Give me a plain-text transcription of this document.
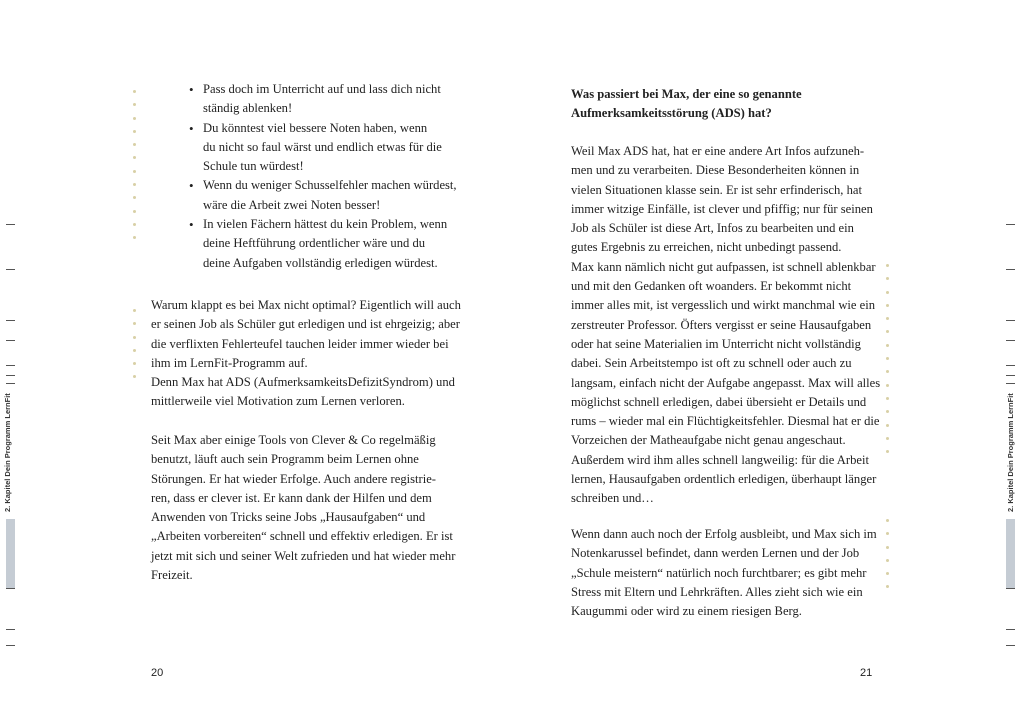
• Pass doch im Unterricht auf und lass dich nicht

ständig ablenken!

• Du könntest viel bessere Noten haben, wenn

du nicht so faul wärst und endlich etwas für die

Schule tun würdest!

• Wenn du weniger Schusselfehler machen würdest,

wäre die Arbeit zwei Noten besser!

• In vielen Fächern hättest du kein Problem, wenn

deine Heftführung ordentlicher wäre und du

deine Aufgaben vollständig erledigen würdest.

Warum klappt es bei Max nicht optimal? Eigentlich will auch

er seinen Job als Schüler gut erledigen und ist ehrgeizig; aber

die verflixten Fehlerteufel tauchen leider immer wieder bei

ihm im LernFit-Programm auf.

Denn Max hat ADS (AufmerksamkeitsDefizitSyndrom) und

mittlerweile viel Motivation zum Lernen verloren.

Seit Max aber einige Tools von Clever & Co regelmäßig

benutzt, läuft auch sein Programm beim Lernen ohne

Störungen. Er hat wieder Erfolge. Auch andere registrie-

ren, dass er clever ist. Er kann dank der Hilfen und dem

Anwenden von Tricks seine Jobs „Hausaufgaben“ und

„Arbeiten vorbereiten“ schnell und effektiv erledigen. Er ist

jetzt mit sich und seiner Welt zufrieden und hat wieder mehr

Freizeit.

20
2. Kapitel Dein Programm LernFit

Was passiert bei Max, der eine so genannte

Aufmerksamkeitsstörung (ADS) hat?

Weil Max ADS hat, hat er eine andere Art Infos aufzuneh-

men und zu verarbeiten. Diese Besonderheiten können in

vielen Situationen klasse sein. Er ist sehr erfinderisch, hat

immer witzige Einfälle, ist clever und pfiffig; nur für seinen

Job als Schüler ist diese Art, Infos zu bearbeiten und ein

gutes Ergebnis zu erreichen, nicht unbedingt passend.

Max kann nämlich nicht gut aufpassen, ist schnell ablenkbar

und mit den Gedanken oft woanders. Er bekommt nicht

immer alles mit, ist vergesslich und wirkt manchmal wie ein

zerstreuter Professor. Öfters vergisst er seine Hausaufgaben

oder hat seine Materialien im Unterricht nicht vollständig

dabei. Sein Arbeitstempo ist oft zu schnell oder auch zu

langsam, einfach nicht der Aufgabe angepasst. Max will alles

möglichst schnell erledigen, dabei übersieht er Details und

rums – wieder mal ein Flüchtigkeitsfehler. Diesmal hat er die

Vorzeichen der Matheaufgabe nicht genau angeschaut.

Außerdem wird ihm alles schnell langweilig: für die Arbeit

lernen, Hausaufgaben ordentlich erledigen, überhaupt länger

schreiben und…

Wenn dann auch noch der Erfolg ausbleibt, und Max sich im

Notenkarussel befindet, dann werden Lernen und der Job

„Schule meistern“ natürlich noch furchtbarer; es gibt mehr

Stress mit Eltern und Lehrkräften. Alles zieht sich wie ein

Kaugummi oder wird zu einem riesigen Berg.

21
2. Kapitel Dein Programm LernFit
